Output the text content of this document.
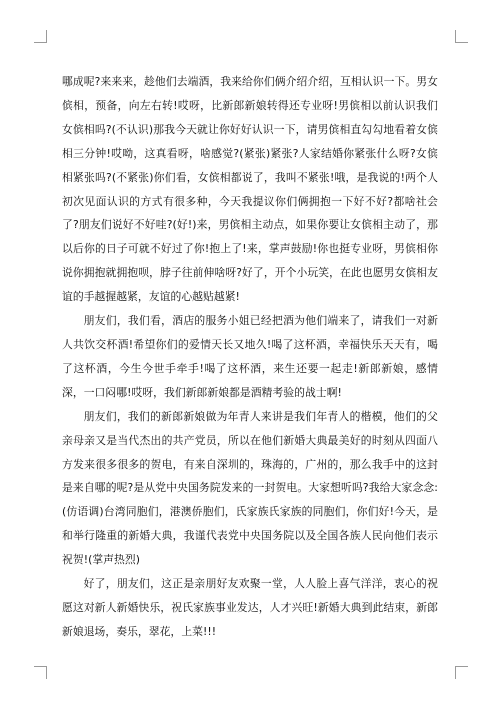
哪成呢?来来来，趁他们去端酒，我来给你们俩介绍介绍，互相认识一下。男女傧相，预备，向左右转!哎呀，比新郎新娘转得还专业呀!男傧相以前认识我们女傧相吗?(不认识)那我今天就让你好好认识一下，请男傧相直勾勾地看着女傧相三分钟!哎呦，这真看呀，啥感觉?(紧张)紧张?人家结婚你紧张什么呀?女傧相紧张吗?(不紧张)你们看，女傧相都说了，我叫不紧张!哦，是我说的!两个人初次见面认识的方式有很多种，今天我提议你们俩拥抱一下好不好?都啥社会了?朋友们说好不好哇?(好!)来，男傧相主动点，如果你要让女傧相主动了，那以后你的日子可就不好过了你!抱上了!来，掌声鼓励!你也挺专业呀，男傧相你说你拥抱就拥抱呗，脖子往前伸啥呀?好了，开个小玩笑，在此也愿男女傧相友谊的手越握越紧，友谊的心越贴越紧!

朋友们，我们看，酒店的服务小姐已经把酒为他们端来了，请我们一对新人共饮交杯酒!希望你们的爱情天长又地久!喝了这杯酒，幸福快乐天天有，喝了这杯酒，今生今世手牵手!喝了这杯酒，来生还要一起走!新郎新娘，感情深，一口闷哪!哎呀，我们新郎新娘都是酒精考验的战士啊!

朋友们，我们的新郎新娘做为年青人来讲是我们年青人的楷模，他们的父亲母亲又是当代杰出的共产党员，所以在他们新婚大典最美好的时刻从四面八方发来很多很多的贺电，有来自深圳的，珠海的，广州的，那么我手中的这封是来自哪的呢?是从党中央国务院发来的一封贺电。大家想听吗?我给大家念念:(仿语调)台湾同胞们，港澳侨胞们，氏家族氏家族的同胞们，你们好!今天，是和举行隆重的新婚大典，我谨代表党中央国务院以及全国各族人民向他们表示祝贺!(掌声热烈)

好了，朋友们，这正是亲朋好友欢聚一堂，人人脸上喜气洋洋，衷心的祝愿这对新人新婚快乐，祝氏家族事业发达，人才兴旺!新婚大典到此结束，新郎新娘退场，奏乐，翠花，上菜!!!
